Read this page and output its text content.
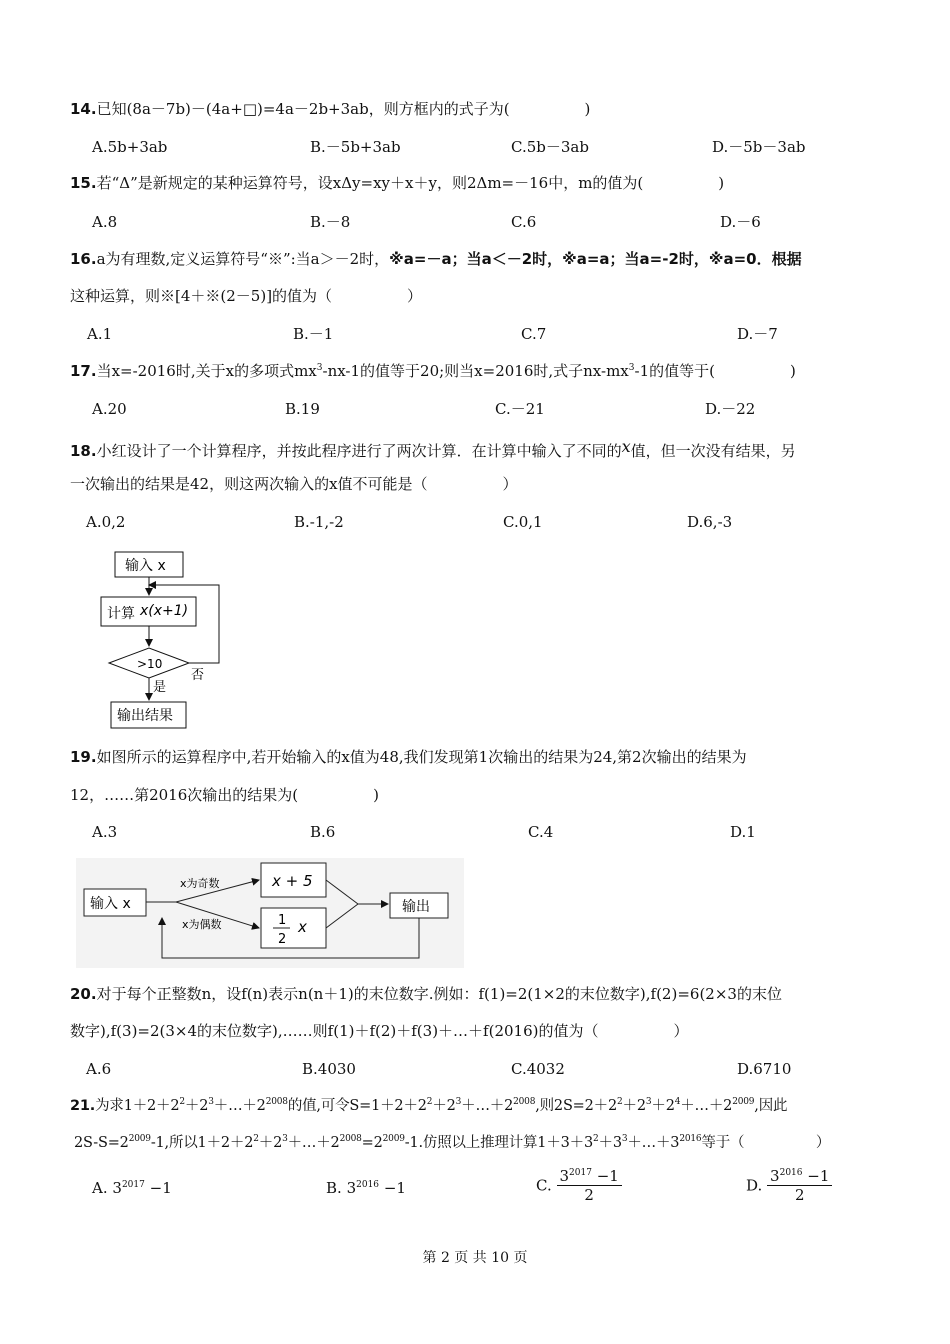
14.已知(8a－7b)－(4a+□)=4a－2b+3ab，则方框内的式子为(　　　　　)
A.5b+3ab	B.－5b+3ab	C.5b－3ab	D.－5b－3ab
15.若“Δ”是新规定的某种运算符号，设xΔy=xy＋x＋y，则2Δm=－16中，m的值为(　　　　　)
A.8	B.－8	C.6	D.－6
16.a为有理数,定义运算符号“※”:当a＞－2时，※a=－a；当a＜－2时，※a=a；当a=-2时，※a=0．根据
这种运算，则※[4＋※(2－5)]的值为（　　　　　）
A.1	B.－1	C.7	D.－7
17.当x=-2016时,关于x的多项式$mx^3-nx-1$的值等于20;则当x=2016时,式子$nx-mx^3-1$的值等于(　　　　　)
A.20	B.19	C.－21	D.－22
18.小红设计了一个计算程序，并按此程序进行了两次计算．在计算中输入了不同的x值，但一次没有结果，另
一次输出的结果是42，则这两次输入的x值不可能是（　　　　　）
A.0,2	B.-1,-2	C.0,1	D.6,-3
输入 x
计算 x(x+1)
>10
否
是
输出结果
19.如图所示的运算程序中,若开始输入的x值为48,我们发现第1次输出的结果为24,第2次输出的结果为
12，……第2016次输出的结果为(　　　　　)
A.3	B.6	C.4	D.1
输入 x
x为奇数
x为偶数
x + 5
1
2
x
输出
20.对于每个正整数n，设f(n)表示n(n＋1)的末位数字.例如：f(1)=2(1×2的末位数字),f(2)=6(2×3的末位
数字),f(3)=2(3×4的末位数字),……则f(1)＋f(2)＋f(3)＋…＋f(2016)的值为（　　　　　）
A.6	B.4030	C.4032	D.6710
21.为求$1+2+2^2+2^3+\dots+2^{2008}$的值,可令$S=1+2+2^2+2^3+\dots+2^{2008}$,则$2S=2+2^2+2^3+2^4+\dots+2^{2009}$,因此
$2S-S=2^{2009}-1$,所以$1+2+2^2+2^3+\dots+2^{2008}=2^{2009}-1$.仿照以上推理计算$1+3+3^2+3^3+\dots+3^{2016}$等于（　　　　　）
A. $3^{2017} -1$	B. $3^{2016} -1$	C. $\frac{3^{2017} -1}{2}$	D. $\frac{3^{2016} -1}{2}$
第 2 页 共 10 页
